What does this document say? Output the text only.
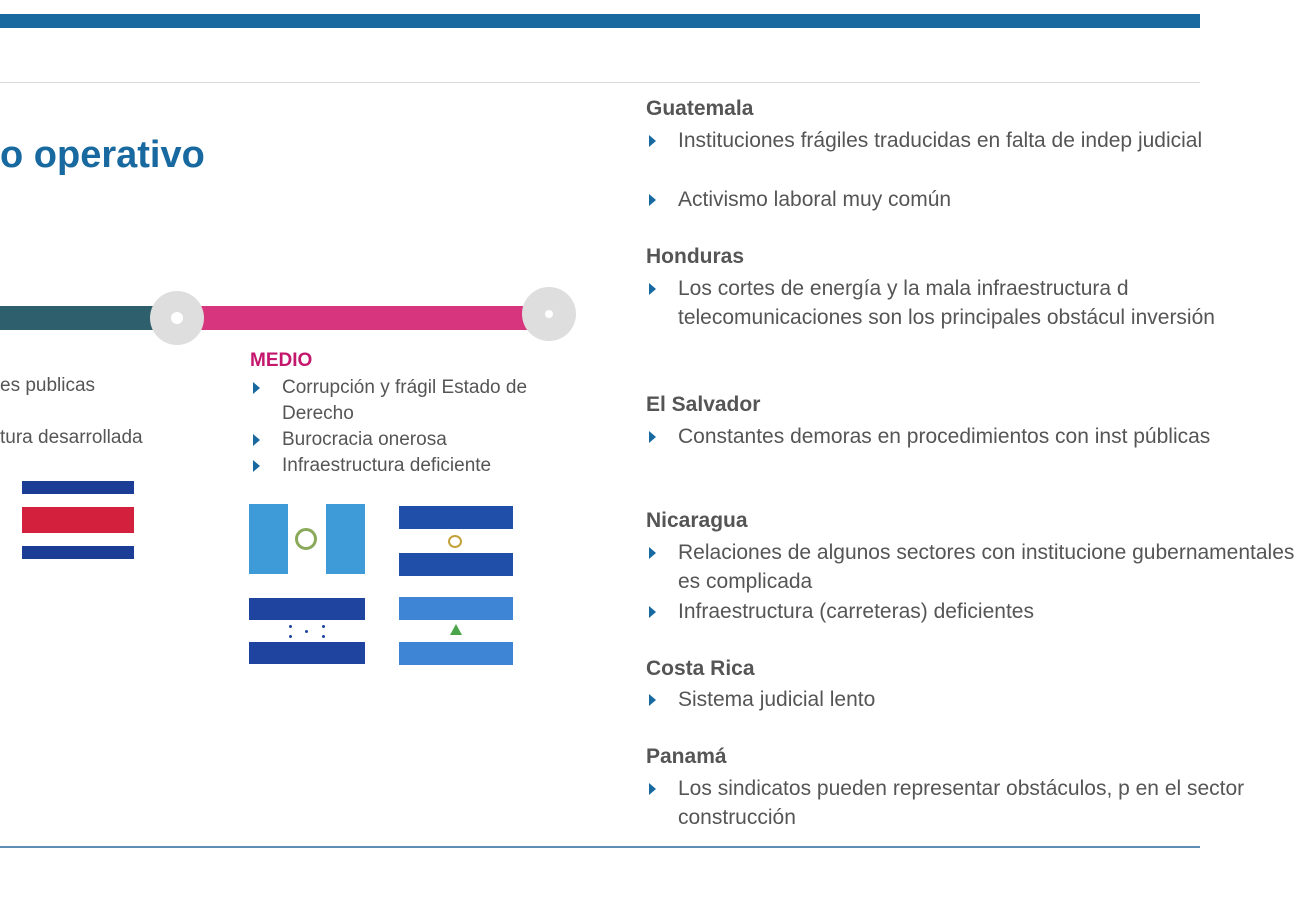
o operativo
es publicas
tura desarrollada
MEDIO
Corrupción y frágil Estado de Derecho
Burocracia onerosa
Infraestructura deficiente
Guatemala
Instituciones frágiles traducidas en falta de indep judicial
Activismo laboral muy común
Honduras
Los cortes de energía y la mala infraestructura d telecomunicaciones son los principales obstácul inversión
El Salvador
Constantes demoras en procedimientos con inst públicas
Nicaragua
Relaciones de algunos sectores con institucione gubernamentales es complicada
Infraestructura (carreteras) deficientes
Costa Rica
Sistema judicial lento
Panamá
Los sindicatos pueden representar obstáculos, p en el sector construcción
